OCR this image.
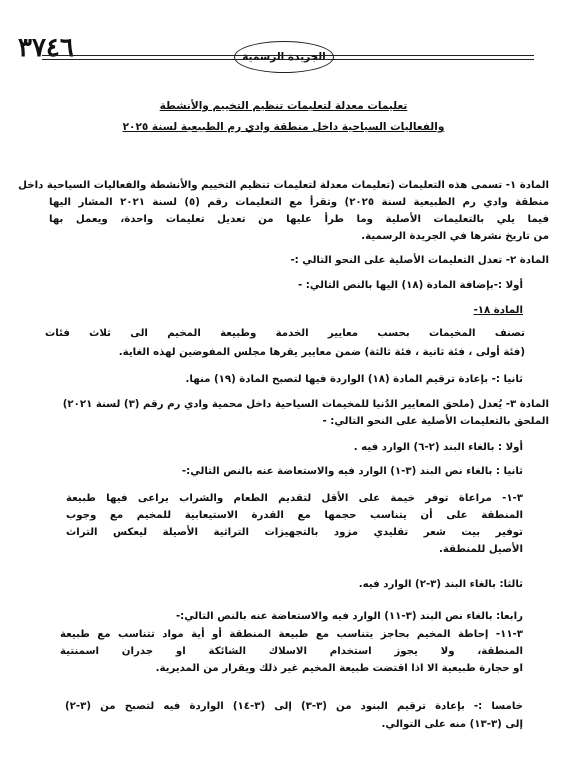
٣٧٤٦	الجريدة الرسمية
تعليمات معدلة لتعليمات تنظيم التخييم والأنشطة
والفعاليات السياحية داخل منطقة وادي رم الطبيعية لسنة ٢٠٢٥
المادة ١- تسمى هذه التعليمات (تعليمات معدلة لتعليمات تنظيم التخييم والأنشطة والفعاليات السياحية داخل
منطقة وادي رم الطبيعية لسنة ٢٠٢٥) وتقرأ مع التعليمات رقم (٥) لسنة ٢٠٢١ المشار اليها
فيما يلي بالتعليمات الأصلية وما طرأ عليها من تعديل تعليمات واحدة، ويعمل بها
من تاريخ نشرها في الجريدة الرسمية.
المادة ٢- تعدل التعليمات الأصلية على النحو التالي :-
أولا :-بإضافة المادة (١٨) اليها بالنص التالي: -
المادة ١٨-
تصنف المخيمات بحسب معايير الخدمة وطبيعة المخيم الى ثلاث فئات
(فئة أولى ، فئة ثانية ، فئة ثالثة) ضمن معايير يقرها مجلس المفوضين لهذه الغاية.
ثانيا :- بإعادة ترقيم المادة (١٨) الواردة فيها لتصبح المادة (١٩) منها.
المادة ٣- يُعدل (ملحق المعايير الدُنيا للمخيمات السياحية داخل محمية وادي رم رقم (٣) لسنة ٢٠٢١)
الملحق بالتعليمات الأصلية على النحو التالي: -
أولا : بالغاء البند (٢-٦) الوارد فيه .
ثانيا : بالغاء نص البند (٣-١) الوارد فيه والاستعاضة عنه بالنص التالي:-
٣-١- مراعاة توفر خيمة على الأقل لتقديم الطعام والشراب يراعى فيها طبيعة
المنطقة على أن يتناسب حجمها مع القدرة الاستيعابية للمخيم مع وجوب
توفير بيت شعر تقليدي مزود بالتجهيزات التراثية الأصيلة ليعكس التراث
الأصيل للمنطقة.
ثالثا: بالغاء البند (٣-٢) الوارد فيه.
رابعا: بالغاء نص البند (٣-١١) الوارد فيه والاستعاضة عنه بالنص التالي:-
٣-١١- إحاطة المخيم بحاجز يتناسب مع طبيعة المنطقة أو أية مواد تتناسب مع طبيعة
المنطقة، ولا يجوز استخدام الاسلاك الشائكة او جدران اسمنتية
او حجارة طبيعية الا اذا اقتضت طبيعة المخيم غير ذلك ويقرار من المديرية.
خامسا :- بإعادة ترقيم البنود من (٣-٣) إلى (٣-١٤) الواردة فيه لتصبح من (٣-٢)
إلى (٣-١٣) منه على التوالي.
